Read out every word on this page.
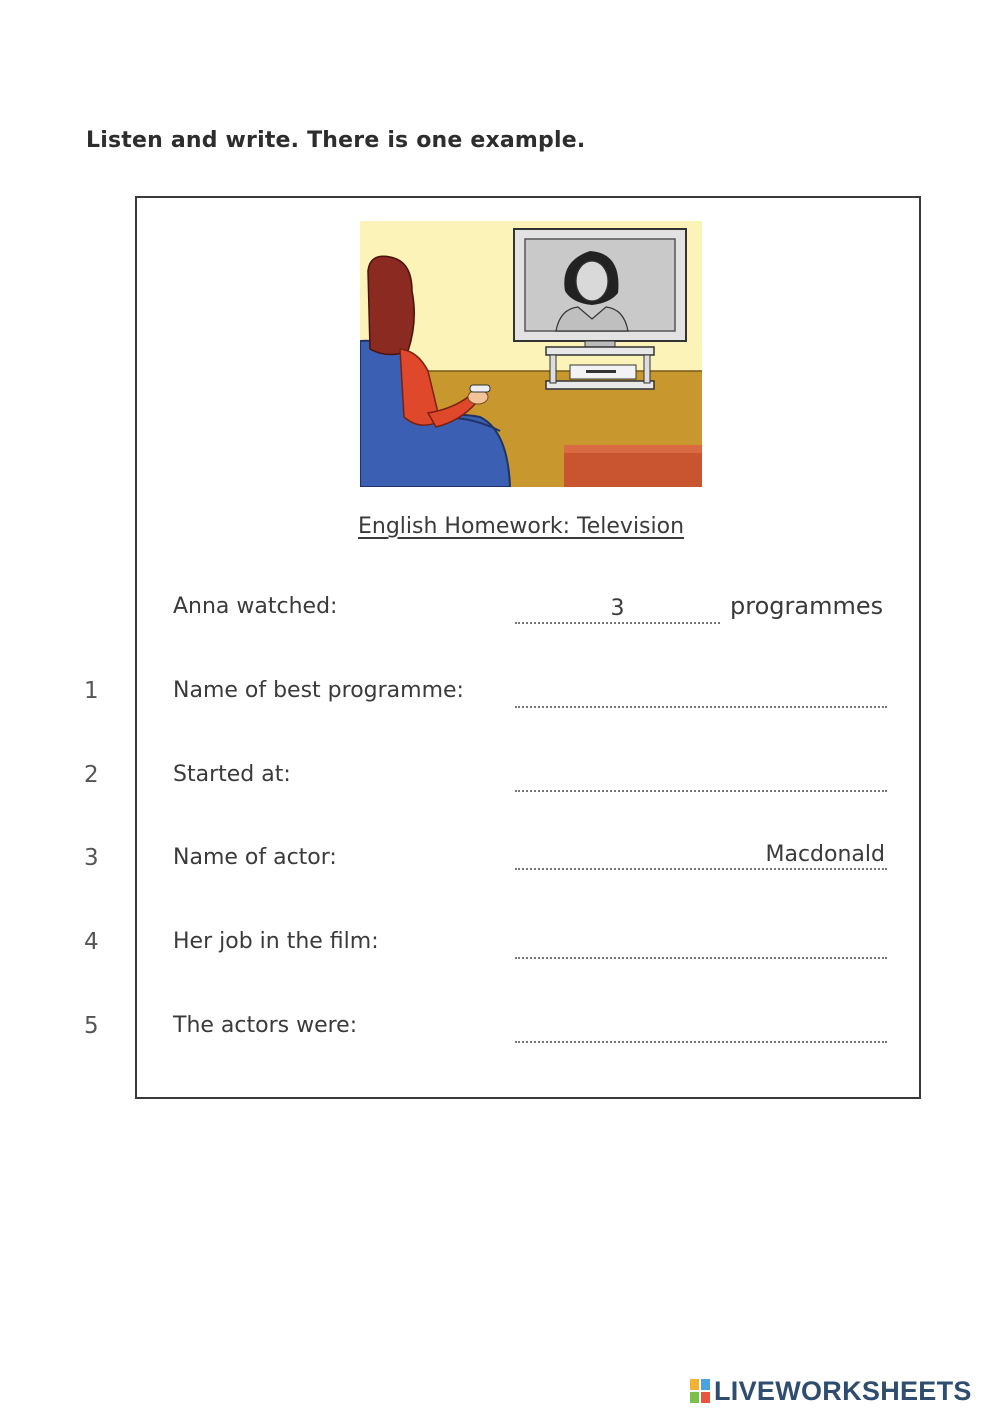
Listen and write. There is one example.
English Homework: Television
Anna watched:
3	programmes
1	Name of best programme:
2	Started at:
3	Name of actor:
Macdonald
4	Her job in the film:
5	The actors were:
LIVEWORKSHEETS
